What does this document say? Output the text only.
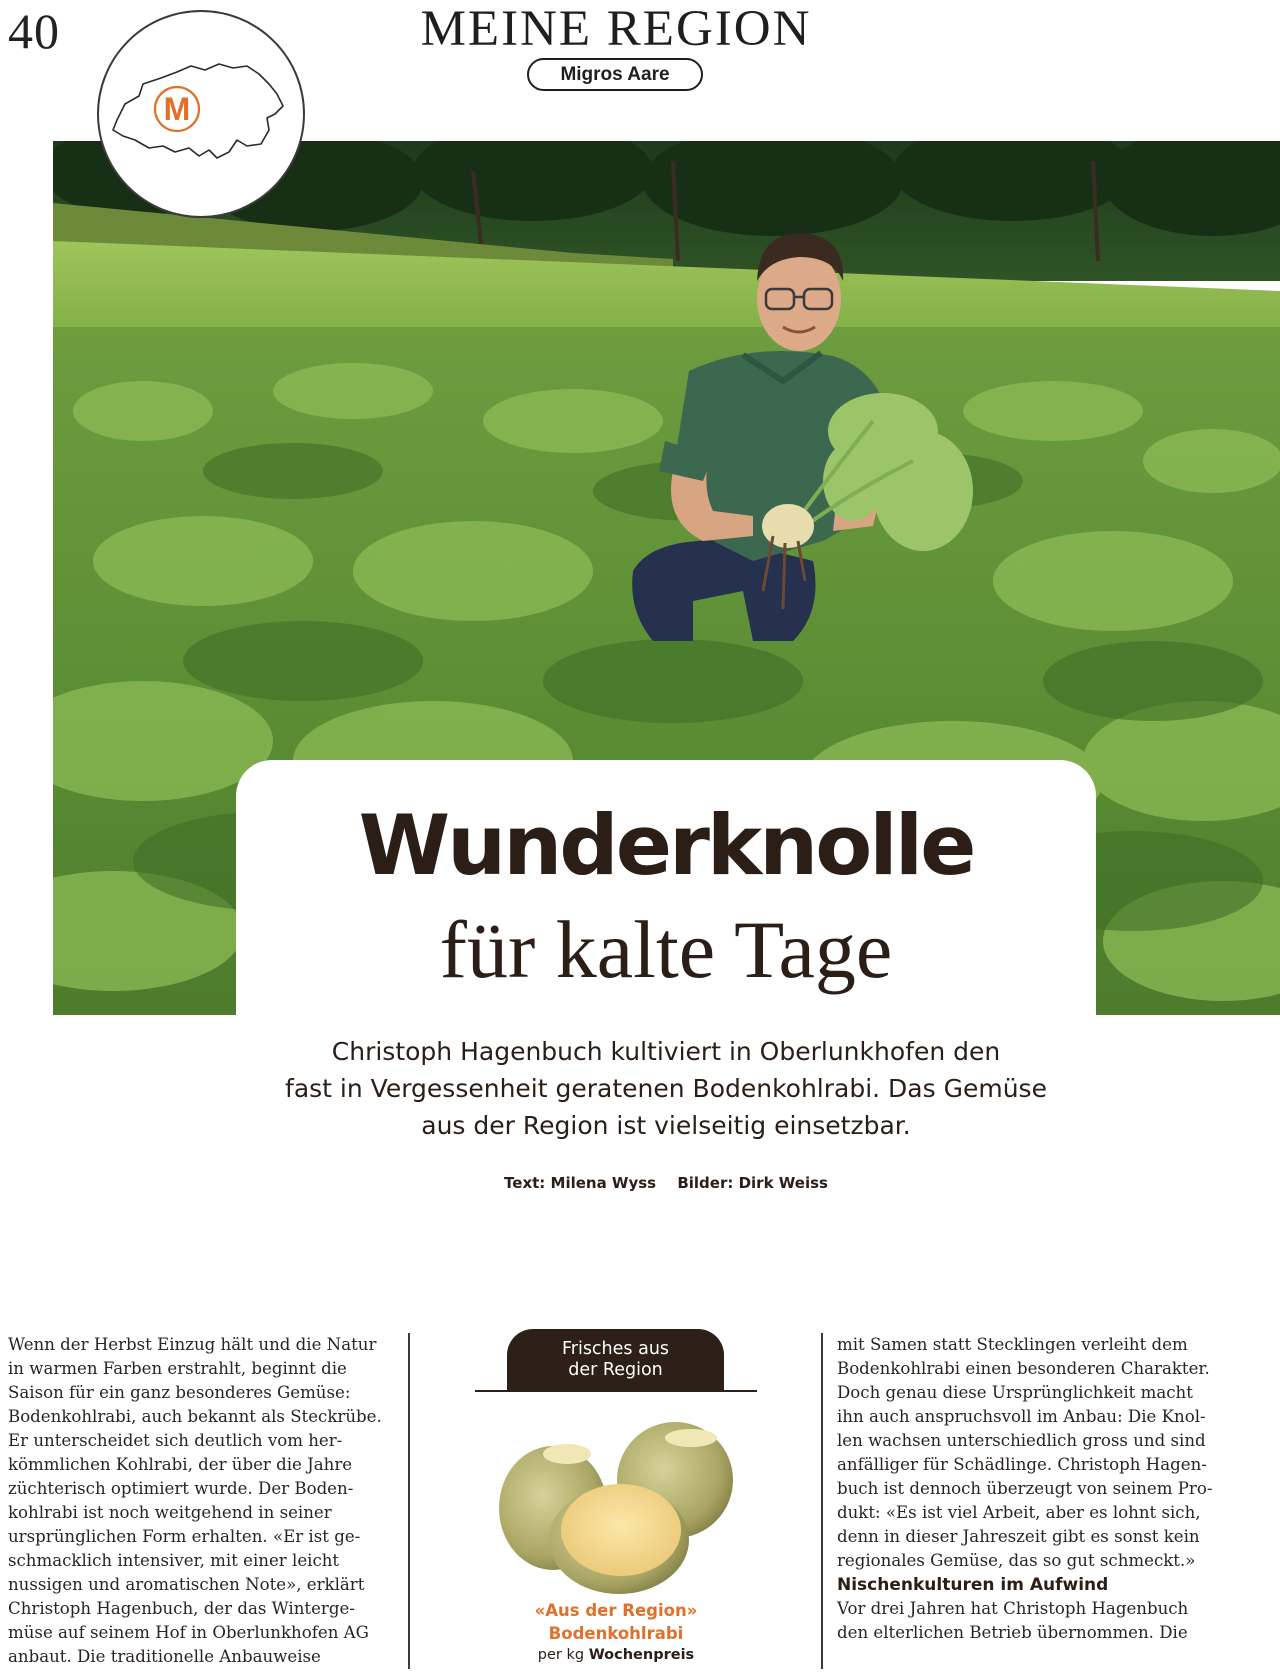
40	MEINE REGION
Migros Aare
M
Wunderknolle
für kalte Tage
Christoph Hagenbuch kultiviert in Oberlunkhofen den
fast in Vergessenheit geratenen Bodenkohlrabi. Das Gemüse
aus der Region ist vielseitig einsetzbar.
Text: Milena Wyss Bilder: Dirk Weiss

Wenn der Herbst Einzug hält und die Natur

in warmen Farben erstrahlt, beginnt die

Saison für ein ganz besonderes Gemüse:

Bodenkohlrabi, auch bekannt als Steckrübe.

Er unterscheidet sich deutlich vom her-

kömmlichen Kohlrabi, der über die Jahre

züchterisch optimiert wurde. Der Boden-

kohlrabi ist noch weitgehend in seiner

ursprünglichen Form erhalten. «Er ist ge-

schmacklich intensiver, mit einer leicht

nussigen und aromatischen Note», erklärt

Christoph Hagenbuch, der das Winterge-

müse auf seinem Hof in Oberlunkhofen AG

anbaut. Die traditionelle Anbauweise

Frisches aus
der Region
«Aus der Region»
Bodenkohlrabi
per kg Wochenpreis

mit Samen statt Stecklingen verleiht dem

Bodenkohlrabi einen besonderen Charakter.

Doch genau diese Ursprünglichkeit macht

ihn auch anspruchsvoll im Anbau: Die Knol-

len wachsen unterschiedlich gross und sind

anfälliger für Schädlinge. Christoph Hagen-

buch ist dennoch überzeugt von seinem Pro-

dukt: «Es ist viel Arbeit, aber es lohnt sich,

denn in dieser Jahreszeit gibt es sonst kein

regionales Gemüse, das so gut schmeckt.»

Nischenkulturen im Aufwind

Vor drei Jahren hat Christoph Hagenbuch

den elterlichen Betrieb übernommen. Die
